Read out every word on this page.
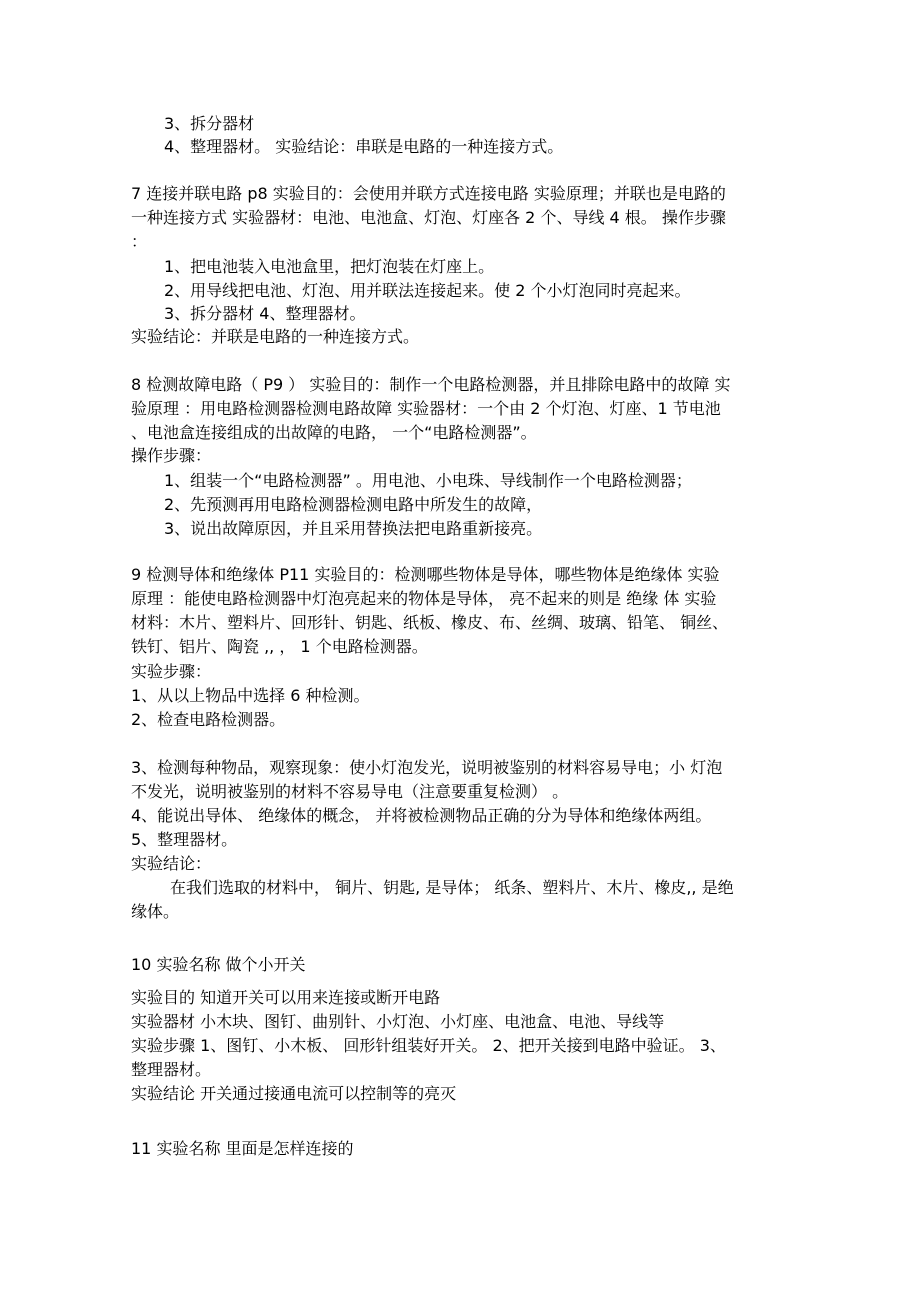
3、拆分器材
4、整理器材。 实验结论：串联是电路的一种连接方式。
7 连接并联电路 p8 实验目的：会使用并联方式连接电路 实验原理；并联也是电路的
一种连接方式 实验器材：电池、电池盒、灯泡、灯座各 2 个、导线 4 根。 操作步骤
：
1、把电池装入电池盒里，把灯泡装在灯座上。
2、用导线把电池、灯泡、用并联法连接起来。使 2 个小灯泡同时亮起来。
3、拆分器材 4、整理器材。
实验结论：并联是电路的一种连接方式。
8 检测故障电路（ P9 ） 实验目的：制作一个电路检测器，并且排除电路中的故障 实
验原理 ：用电路检测器检测电路故障 实验器材：一个由 2 个灯泡、灯座、1 节电池
、电池盒连接组成的出故障的电路， 一个“电路检测器”。
操作步骤：
1、组装一个“电路检测器” 。用电池、小电珠、导线制作一个电路检测器；
2、先预测再用电路检测器检测电路中所发生的故障，
3、说出故障原因，并且采用替换法把电路重新接亮。
9 检测导体和绝缘体 P11 实验目的：检测哪些物体是导体，哪些物体是绝缘体 实验
原理 ：能使电路检测器中灯泡亮起来的物体是导体， 亮不起来的则是 绝缘 体 实验
材料：木片、塑料片、回形针、钥匙、纸板、橡皮、布、丝绸、玻璃、铅笔、 铜丝、
铁钉、铝片、陶瓷 ,, ， 1 个电路检测器。
实验步骤：
1、从以上物品中选择 6 种检测。
2、检查电路检测器。
3、检测每种物品，观察现象：使小灯泡发光，说明被鉴别的材料容易导电；小 灯泡
不发光，说明被鉴别的材料不容易导电（注意要重复检测） 。
4、能说出导体、 绝缘体的概念， 并将被检测物品正确的分为导体和绝缘体两组。
5、整理器材。
实验结论：
在我们选取的材料中， 铜片、钥匙, 是导体； 纸条、塑料片、木片、橡皮,, 是绝
缘体。
10 实验名称 做个小开关
实验目的 知道开关可以用来连接或断开电路
实验器材 小木块、图钉、曲别针、小灯泡、小灯座、电池盒、电池、导线等
实验步骤 1、图钉、小木板、 回形针组装好开关。 2、把开关接到电路中验证。 3、
整理器材。
实验结论 开关通过接通电流可以控制等的亮灭
11 实验名称 里面是怎样连接的
